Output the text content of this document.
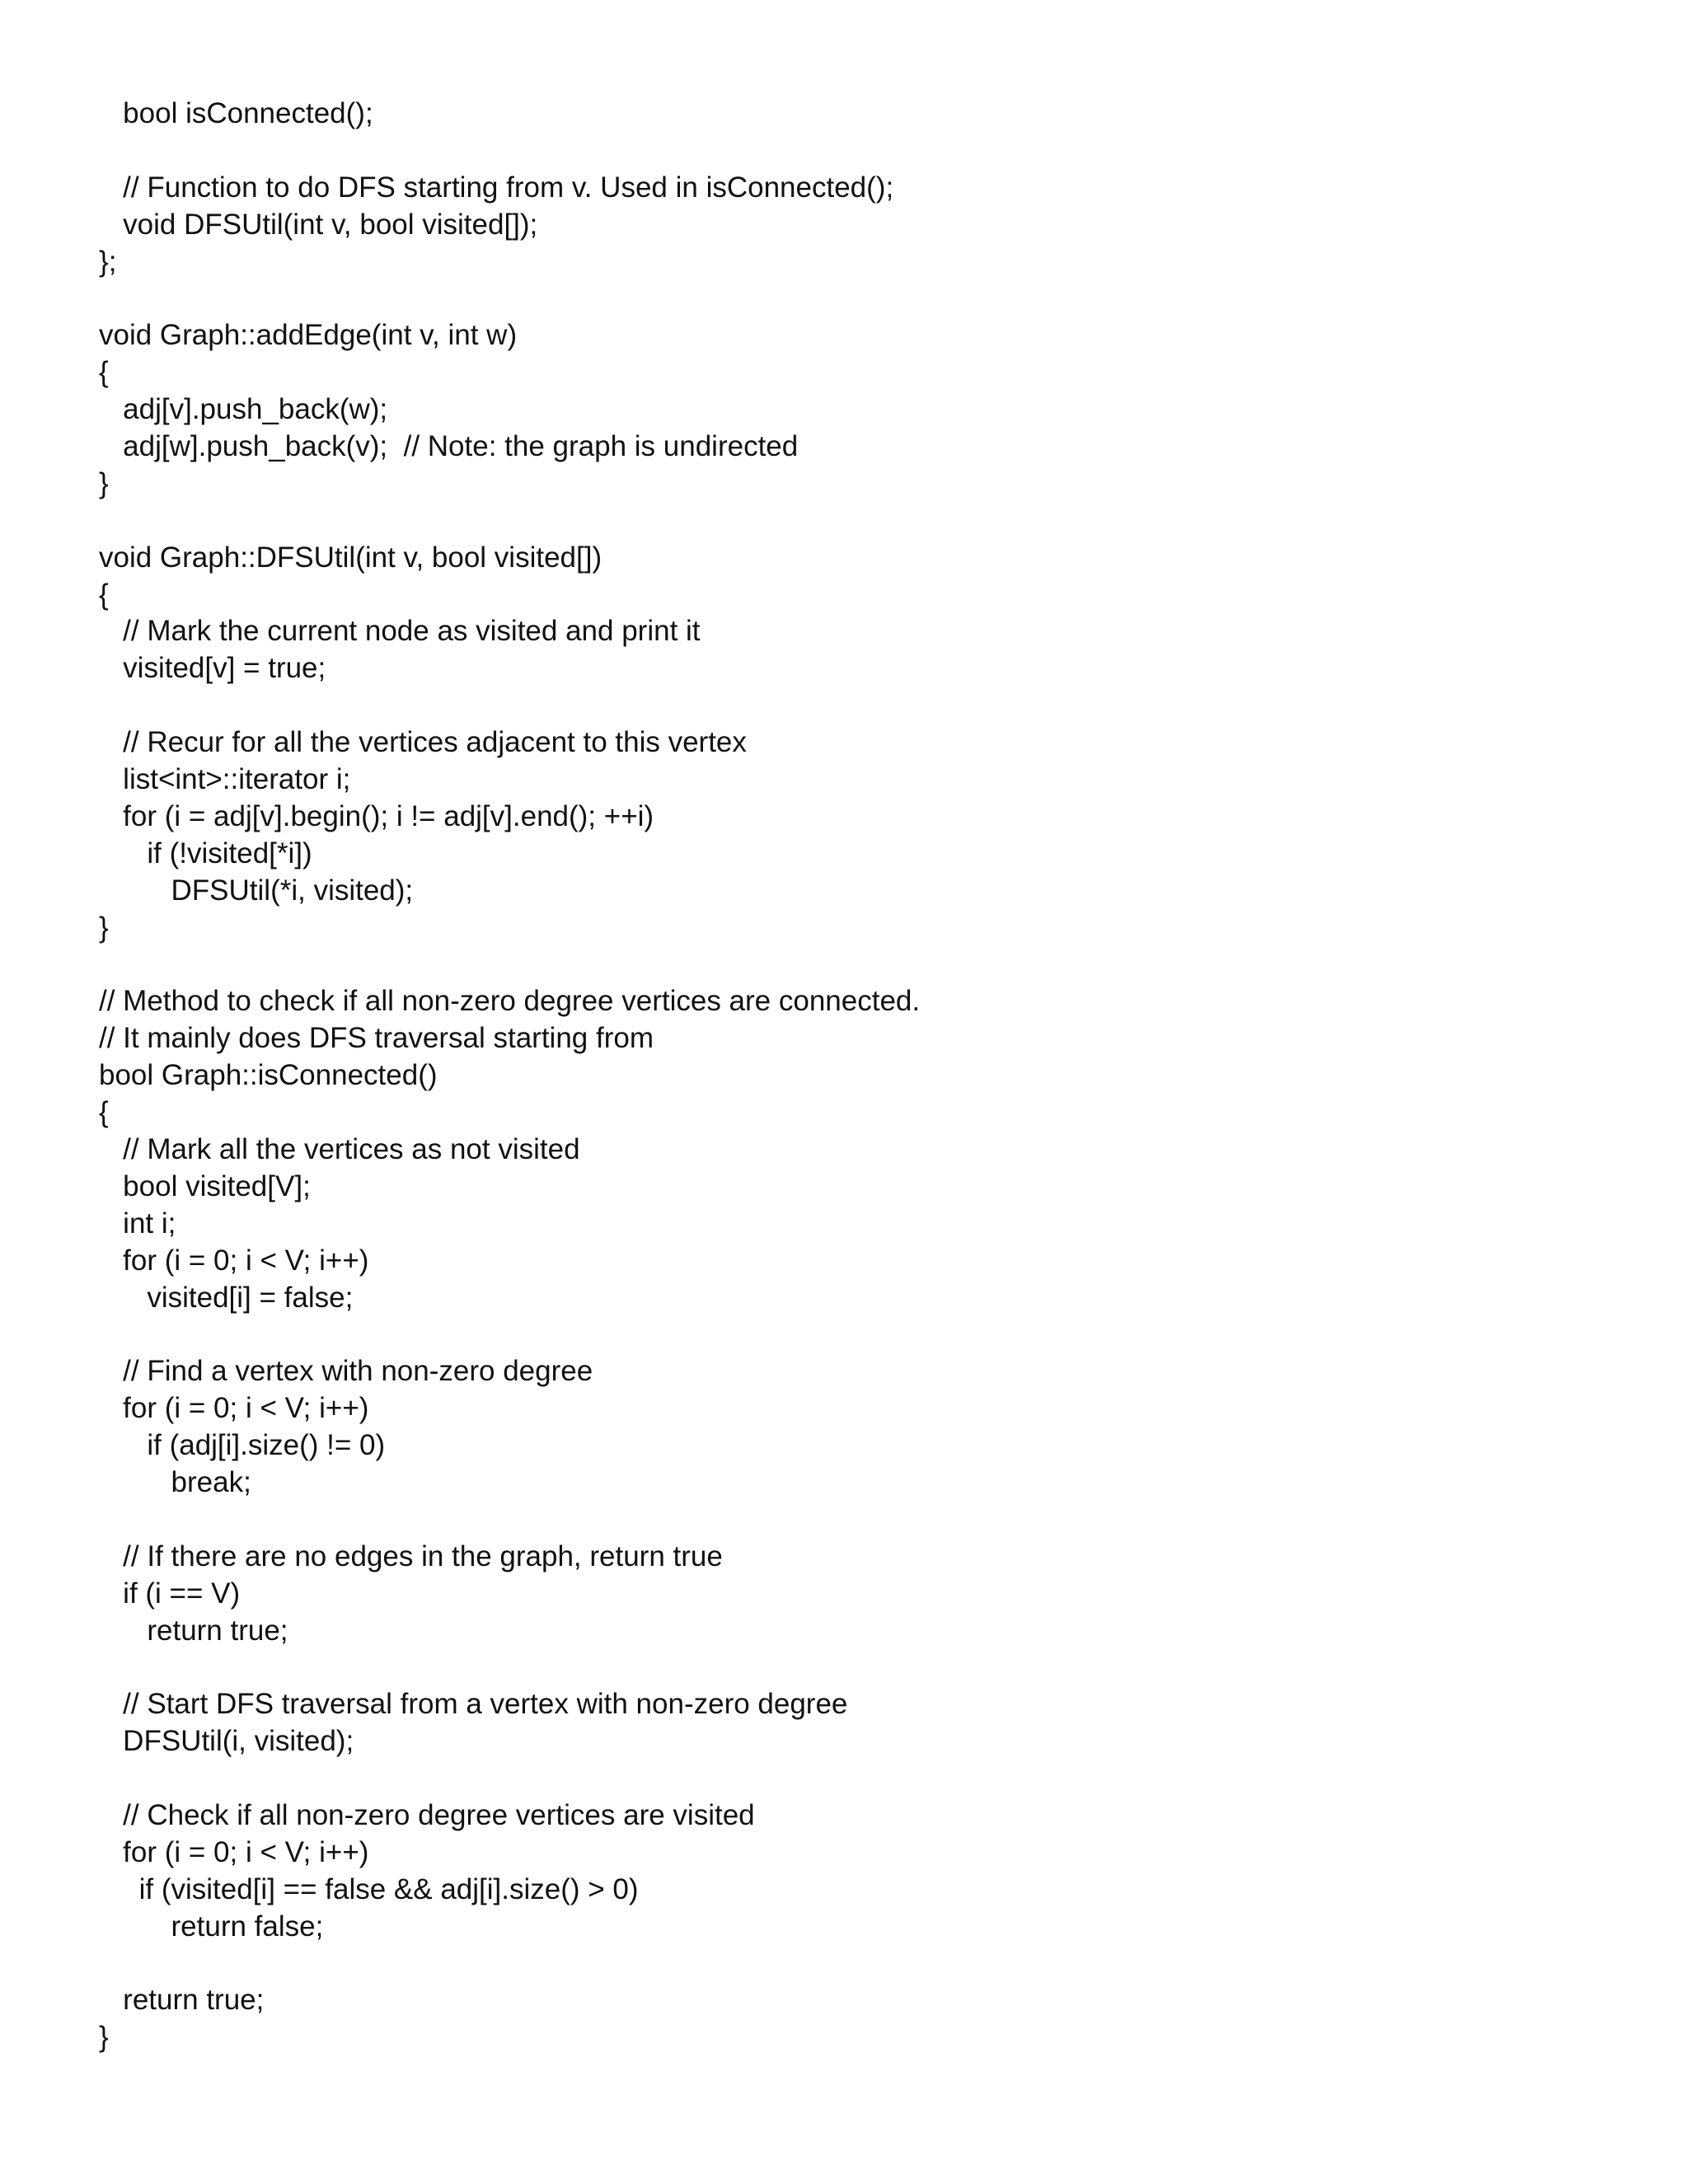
bool isConnected();
// Function to do DFS starting from v. Used in isConnected();
void DFSUtil(int v, bool visited[]);
};
void Graph::addEdge(int v, int w)
{
adj[v].push_back(w);
adj[w].push_back(v);  // Note: the graph is undirected
}
void Graph::DFSUtil(int v, bool visited[])
{
// Mark the current node as visited and print it
visited[v] = true;
// Recur for all the vertices adjacent to this vertex
list<int>::iterator i;
for (i = adj[v].begin(); i != adj[v].end(); ++i)
if (!visited[*i])
DFSUtil(*i, visited);
}
// Method to check if all non-zero degree vertices are connected.
// It mainly does DFS traversal starting from
bool Graph::isConnected()
{
// Mark all the vertices as not visited
bool visited[V];
int i;
for (i = 0; i < V; i++)
visited[i] = false;
// Find a vertex with non-zero degree
for (i = 0; i < V; i++)
if (adj[i].size() != 0)
break;
// If there are no edges in the graph, return true
if (i == V)
return true;
// Start DFS traversal from a vertex with non-zero degree
DFSUtil(i, visited);
// Check if all non-zero degree vertices are visited
for (i = 0; i < V; i++)
if (visited[i] == false && adj[i].size() > 0)
return false;
return true;
}
